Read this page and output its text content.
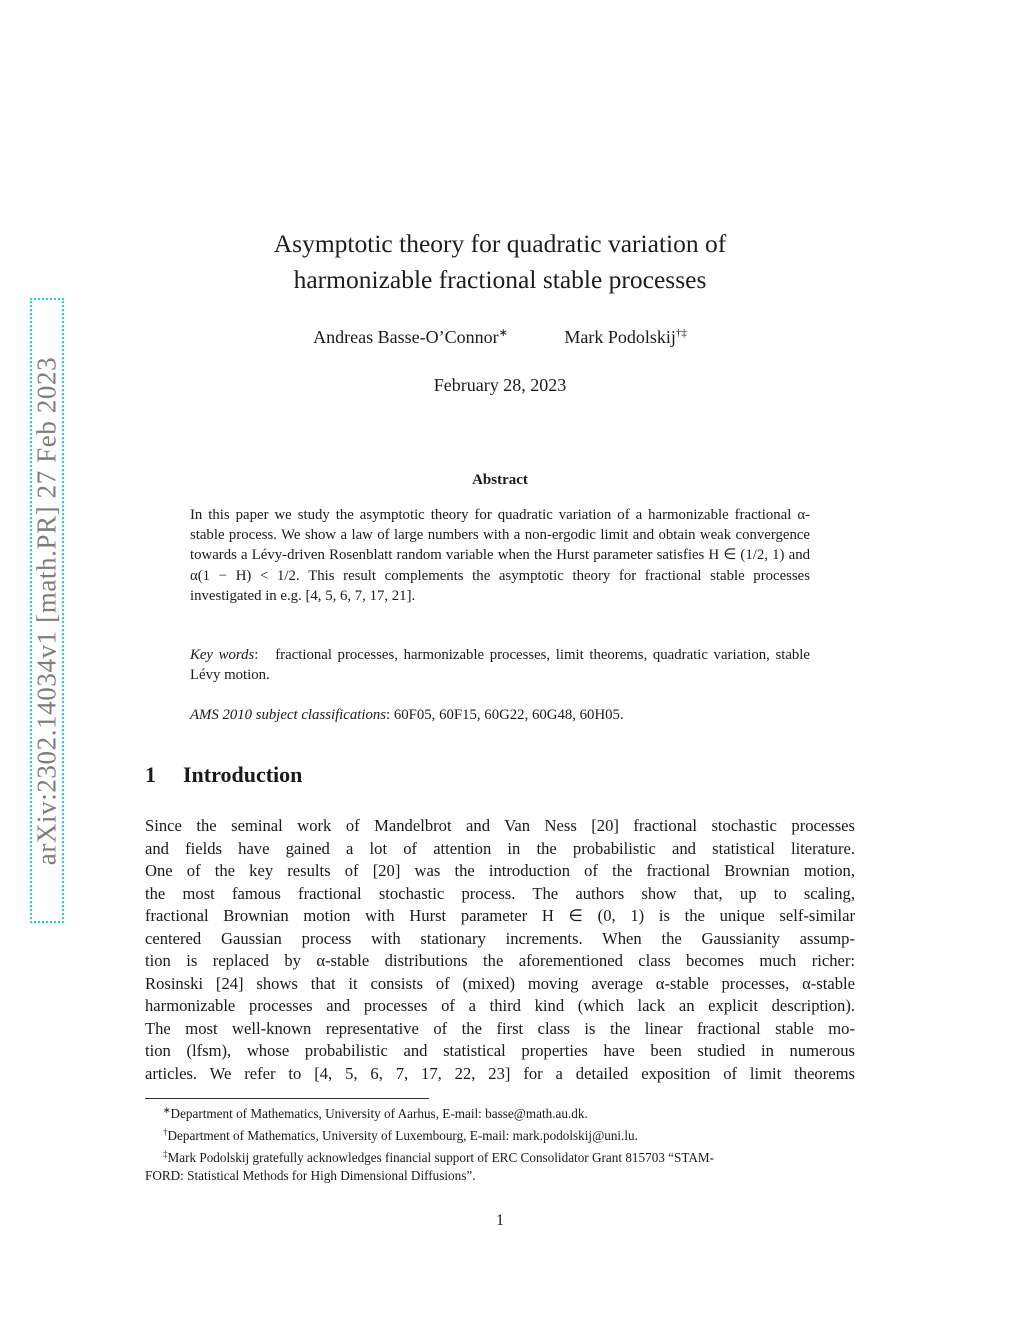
arXiv:2302.14034v1 [math.PR] 27 Feb 2023
Asymptotic theory for quadratic variation of
harmonizable fractional stable processes
Andreas Basse-O’Connor∗	Mark Podolskij†‡
February 28, 2023
Abstract

In this paper we study the asymptotic theory for quadratic variation of a harmonizable fractional α-stable process. We show a law of large numbers with a non-ergodic limit and obtain weak convergence towards a Lévy-driven Rosenblatt random variable when the Hurst parameter satisfies H ∈ (1/2, 1) and α(1 − H) < 1/2. This result complements the asymptotic theory for fractional stable processes investigated in e.g. [4, 5, 6, 7, 17, 21].

Key words:   fractional processes, harmonizable processes, limit theorems, quadratic variation, stable Lévy motion.
AMS 2010 subject classifications: 60F05, 60F15, 60G22, 60G48, 60H05.
1 Introduction
Since the seminal work of Mandelbrot and Van Ness [20] fractional stochastic processes
and fields have gained a lot of attention in the probabilistic and statistical literature.
One of the key results of [20] was the introduction of the fractional Brownian motion,
the most famous fractional stochastic process. The authors show that, up to scaling,
fractional Brownian motion with Hurst parameter H ∈ (0, 1) is the unique self-similar
centered Gaussian process with stationary increments. When the Gaussianity assump-
tion is replaced by α-stable distributions the aforementioned class becomes much richer:
Rosinski [24] shows that it consists of (mixed) moving average α-stable processes, α-stable
harmonizable processes and processes of a third kind (which lack an explicit description).
The most well-known representative of the first class is the linear fractional stable mo-
tion (lfsm), whose probabilistic and statistical properties have been studied in numerous
articles. We refer to [4, 5, 6, 7, 17, 22, 23] for a detailed exposition of limit theorems
∗Department of Mathematics, University of Aarhus, E-mail: basse@math.au.dk.
†Department of Mathematics, University of Luxembourg, E-mail: mark.podolskij@uni.lu.
‡Mark Podolskij gratefully acknowledges financial support of ERC Consolidator Grant 815703 “STAM-
FORD: Statistical Methods for High Dimensional Diffusions”.
1
